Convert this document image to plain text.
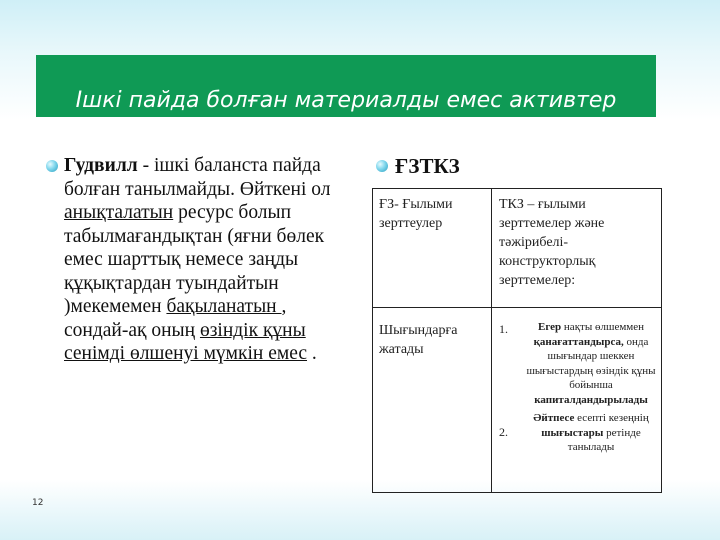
Ішкі пайда болған материалды емес активтер
Гудвилл - ішкі баланста пайда болған танылмайды. Өйткені ол анықталатын ресурс болып табылмағандықтан (яғни бөлек емес шарттық немесе заңды құқықтардан туындайтын )мекемемен бақыланатын , сондай-ақ оның өзіндік құны сенімді өлшенуі мүмкін емес .
ҒЗТКЗ
ҒЗ- Ғылыми зерттеулер
ТКЗ – ғылыми зерттемелер және тәжірибелі-конструкторлық зерттемелер:
Шығындарға жатады
1.
2.
Егер нақты өлшеммен қанағаттандырса, онда шығындар шеккен шығыстардың өзіндік құны бойынша капиталдандырылады
Әйтпесе есепті кезеңнің шығыстары ретінде танылады
12
